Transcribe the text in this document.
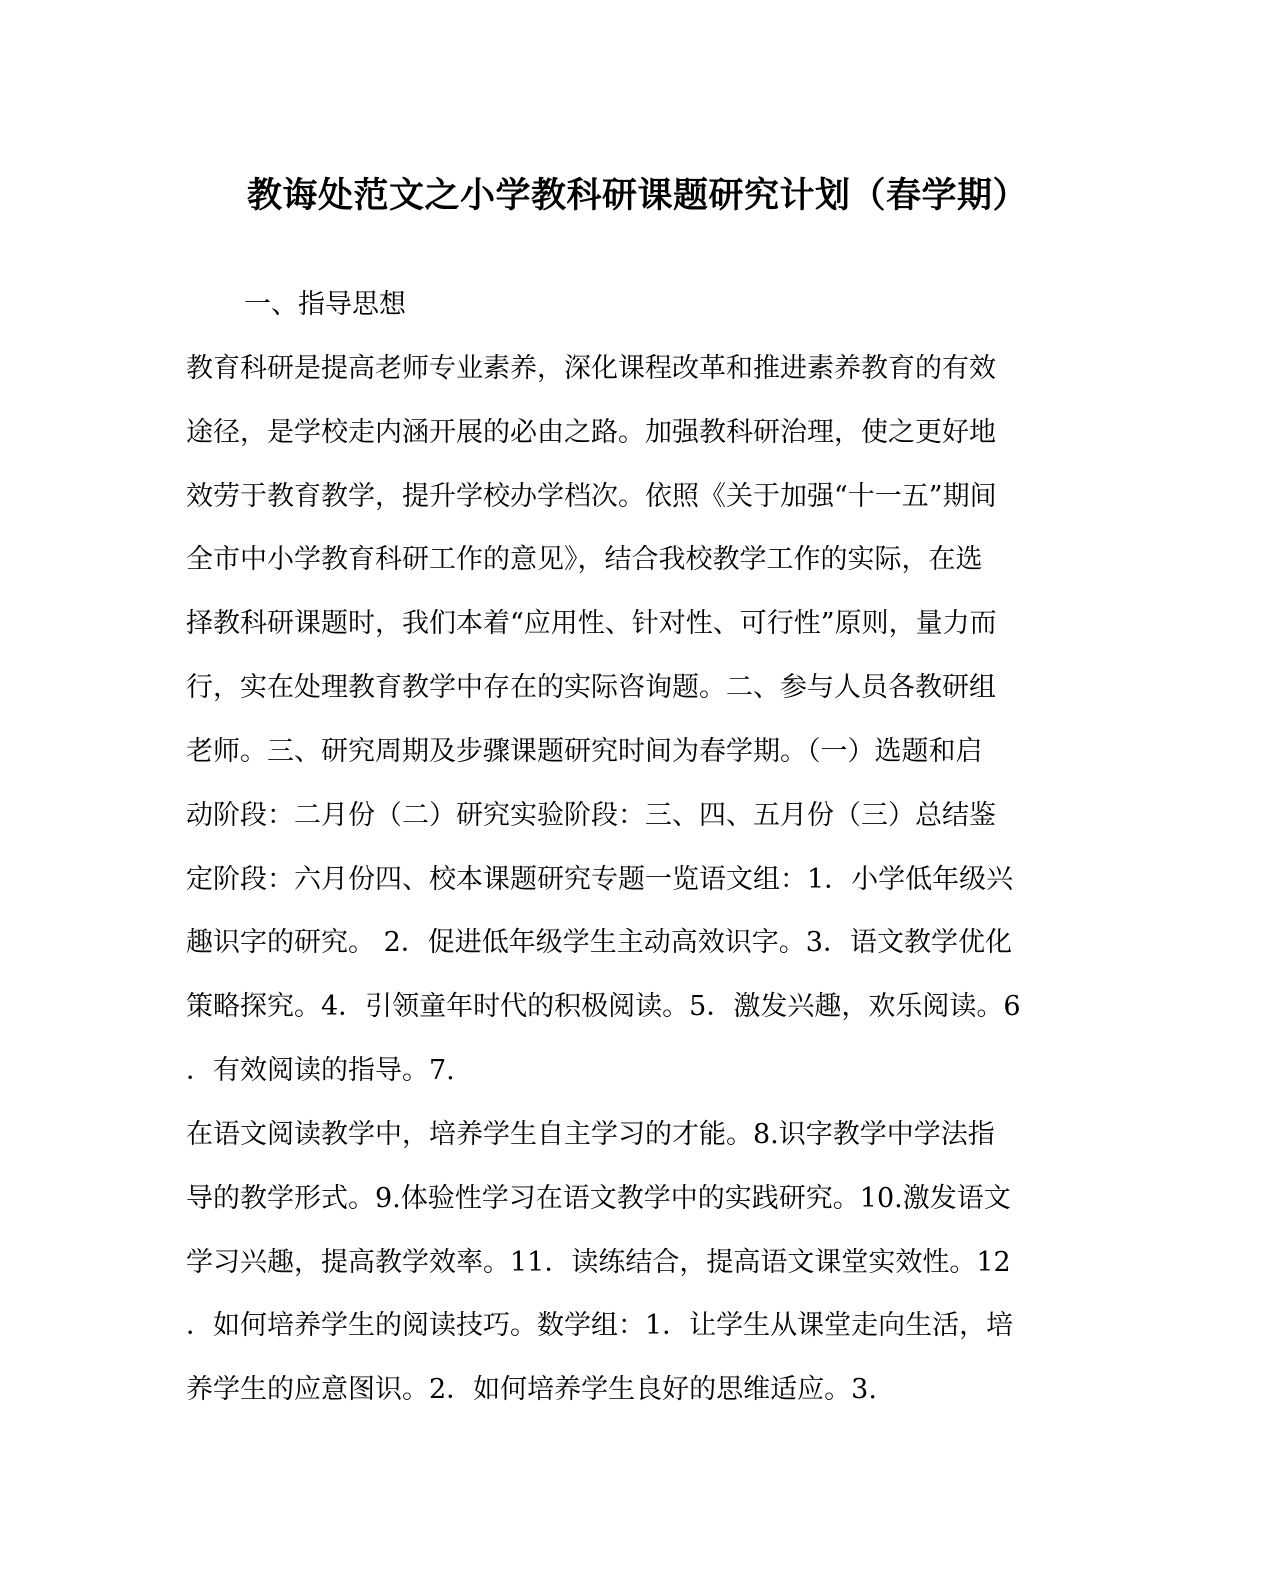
教诲处范文之小学教科研课题研究计划（春学期）
一、指导思想
教育科研是提高老师专业素养，深化课程改革和推进素养教育的有效
途径，是学校走内涵开展的必由之路。加强教科研治理，使之更好地
效劳于教育教学，提升学校办学档次。依照《关于加强“十一五”期间
全市中小学教育科研工作的意见》，结合我校教学工作的实际，在选
择教科研课题时，我们本着“应用性、针对性、可行性”原则，量力而
行，实在处理教育教学中存在的实际咨询题。二、参与人员各教研组
老师。三、研究周期及步骤课题研究时间为春学期。（一）选题和启
动阶段：二月份（二）研究实验阶段：三、四、五月份（三）总结鉴
定阶段：六月份四、校本课题研究专题一览语文组：1．小学低年级兴
趣识字的研究。 2．促进低年级学生主动高效识字。3．语文教学优化
策略探究。4．引领童年时代的积极阅读。5．激发兴趣，欢乐阅读。6
．有效阅读的指导。7.
在语文阅读教学中，培养学生自主学习的才能。8.识字教学中学法指
导的教学形式。9.体验性学习在语文教学中的实践研究。10.激发语文
学习兴趣，提高教学效率。11．读练结合，提高语文课堂实效性。12
．如何培养学生的阅读技巧。数学组：1．让学生从课堂走向生活，培
养学生的应意图识。2．如何培养学生良好的思维适应。3.
